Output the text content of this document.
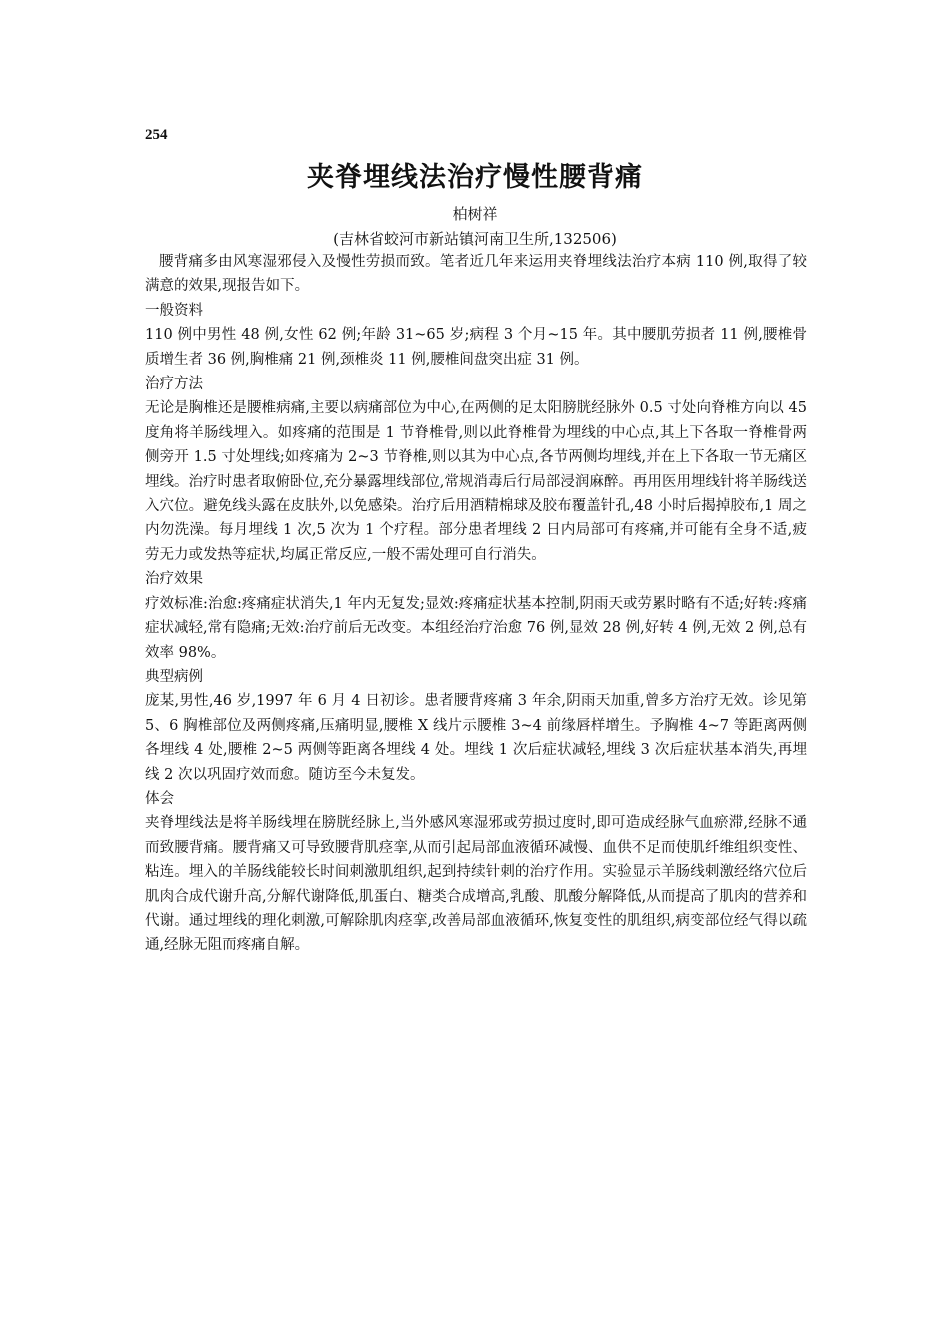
254
夹脊埋线法治疗慢性腰背痛
柏树祥
(吉林省蛟河市新站镇河南卫生所,132506)

腰背痛多由风寒湿邪侵入及慢性劳损而致。笔者近几年来运用夹脊埋线法治疗本病 110 例,取得了较满意的效果,现报告如下。

一般资料

110 例中男性 48 例,女性 62 例;年龄 31~65 岁;病程 3 个月~15 年。其中腰肌劳损者 11 例,腰椎骨质增生者 36 例,胸椎痛 21 例,颈椎炎 11 例,腰椎间盘突出症 31 例。

治疗方法

无论是胸椎还是腰椎病痛,主要以病痛部位为中心,在两侧的足太阳膀胱经脉外 0.5 寸处向脊椎方向以 45 度角将羊肠线埋入。如疼痛的范围是 1 节脊椎骨,则以此脊椎骨为埋线的中心点,其上下各取一脊椎骨两侧旁开 1.5 寸处埋线;如疼痛为 2~3 节脊椎,则以其为中心点,各节两侧均埋线,并在上下各取一节无痛区埋线。治疗时患者取俯卧位,充分暴露埋线部位,常规消毒后行局部浸润麻醉。再用医用埋线针将羊肠线送入穴位。避免线头露在皮肤外,以免感染。治疗后用酒精棉球及胶布覆盖针孔,48 小时后揭掉胶布,1 周之内勿洗澡。每月埋线 1 次,5 次为 1 个疗程。部分患者埋线 2 日内局部可有疼痛,并可能有全身不适,疲劳无力或发热等症状,均属正常反应,一般不需处理可自行消失。

治疗效果

疗效标准:治愈:疼痛症状消失,1 年内无复发;显效:疼痛症状基本控制,阴雨天或劳累时略有不适;好转:疼痛症状减轻,常有隐痛;无效:治疗前后无改变。本组经治疗治愈 76 例,显效 28 例,好转 4 例,无效 2 例,总有效率 98%。

典型病例

庞某,男性,46 岁,1997 年 6 月 4 日初诊。患者腰背疼痛 3 年余,阴雨天加重,曾多方治疗无效。诊见第 5、6 胸椎部位及两侧疼痛,压痛明显,腰椎 X 线片示腰椎 3~4 前缘唇样增生。予胸椎 4~7 等距离两侧各埋线 4 处,腰椎 2~5 两侧等距离各埋线 4 处。埋线 1 次后症状减轻,埋线 3 次后症状基本消失,再埋线 2 次以巩固疗效而愈。随访至今未复发。

体会

夹脊埋线法是将羊肠线埋在膀胱经脉上,当外感风寒湿邪或劳损过度时,即可造成经脉气血瘀滞,经脉不通而致腰背痛。腰背痛又可导致腰背肌痉挛,从而引起局部血液循环减慢、血供不足而使肌纤维组织变性、粘连。埋入的羊肠线能较长时间刺激肌组织,起到持续针刺的治疗作用。实验显示羊肠线刺激经络穴位后肌肉合成代谢升高,分解代谢降低,肌蛋白、糖类合成增高,乳酸、肌酸分解降低,从而提高了肌肉的营养和代谢。通过埋线的理化刺激,可解除肌肉痉挛,改善局部血液循环,恢复变性的肌组织,病变部位经气得以疏通,经脉无阻而疼痛自解。
